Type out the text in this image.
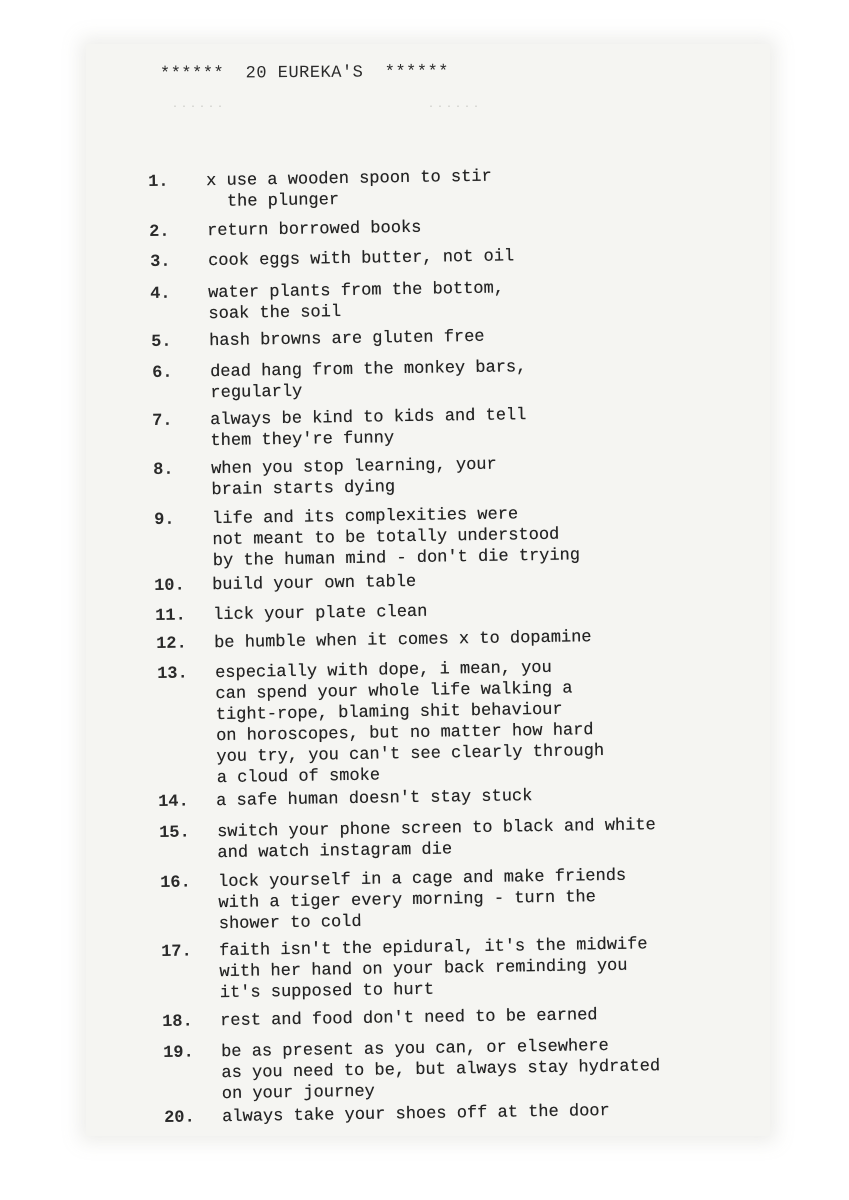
******  20 EUREKA'S  ******
......	......
1. x use a wooden spoon to stir
the plunger
2. return borrowed books
3. cook eggs with butter, not oil
4. water plants from the bottom,
soak the soil
5. hash browns are gluten free
6. dead hang from the monkey bars,
regularly
7. always be kind to kids and tell
them they're funny
8. when you stop learning, your
brain starts dying
9. life and its complexities were
not meant to be totally understood
by the human mind - don't die trying
10. build your own table
11. lick your plate clean
12. be humble when it comes x to dopamine
13. especially with dope, i mean, you
can spend your whole life walking a
tight-rope, blaming shit behaviour
on horoscopes, but no matter how hard
you try, you can't see clearly through
a cloud of smoke
14. a safe human doesn't stay stuck
15. switch your phone screen to black and white
and watch instagram die
16. lock yourself in a cage and make friends
with a tiger every morning - turn the
shower to cold
17. faith isn't the epidural, it's the midwife
with her hand on your back reminding you
it's supposed to hurt
18. rest and food don't need to be earned
19. be as present as you can, or elsewhere
as you need to be, but always stay hydrated
on your journey
20. always take your shoes off at the door
